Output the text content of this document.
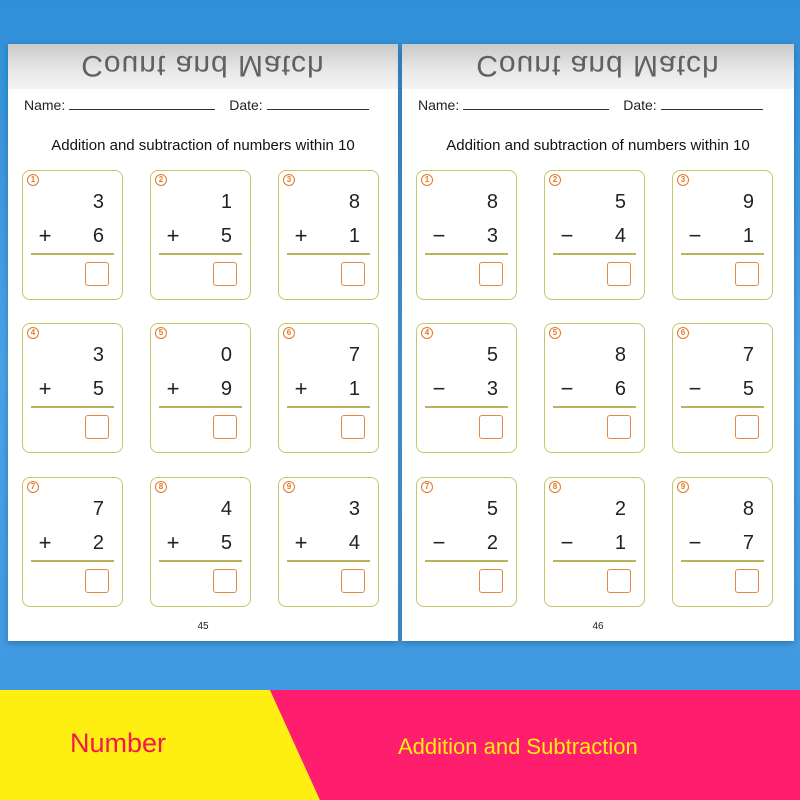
Count and Match
Name:	Date:
Addition and subtraction of numbers within 10
1
3
+ 6
2
1
+ 5
3
8
+ 1
4
3
+ 5
5
0
+ 9
6
7
+ 1
7
7
+ 2
8
4
+ 5
9
3
+ 4
45
Count and Match
Name:	Date:
Addition and subtraction of numbers within 10
1
8
− 3
2
5
− 4
3
9
− 1
4
5
− 3
5
8
− 6
6
7
− 5
7
5
− 2
8
2
− 1
9
8
− 7
46
Number	Addition and Subtraction
